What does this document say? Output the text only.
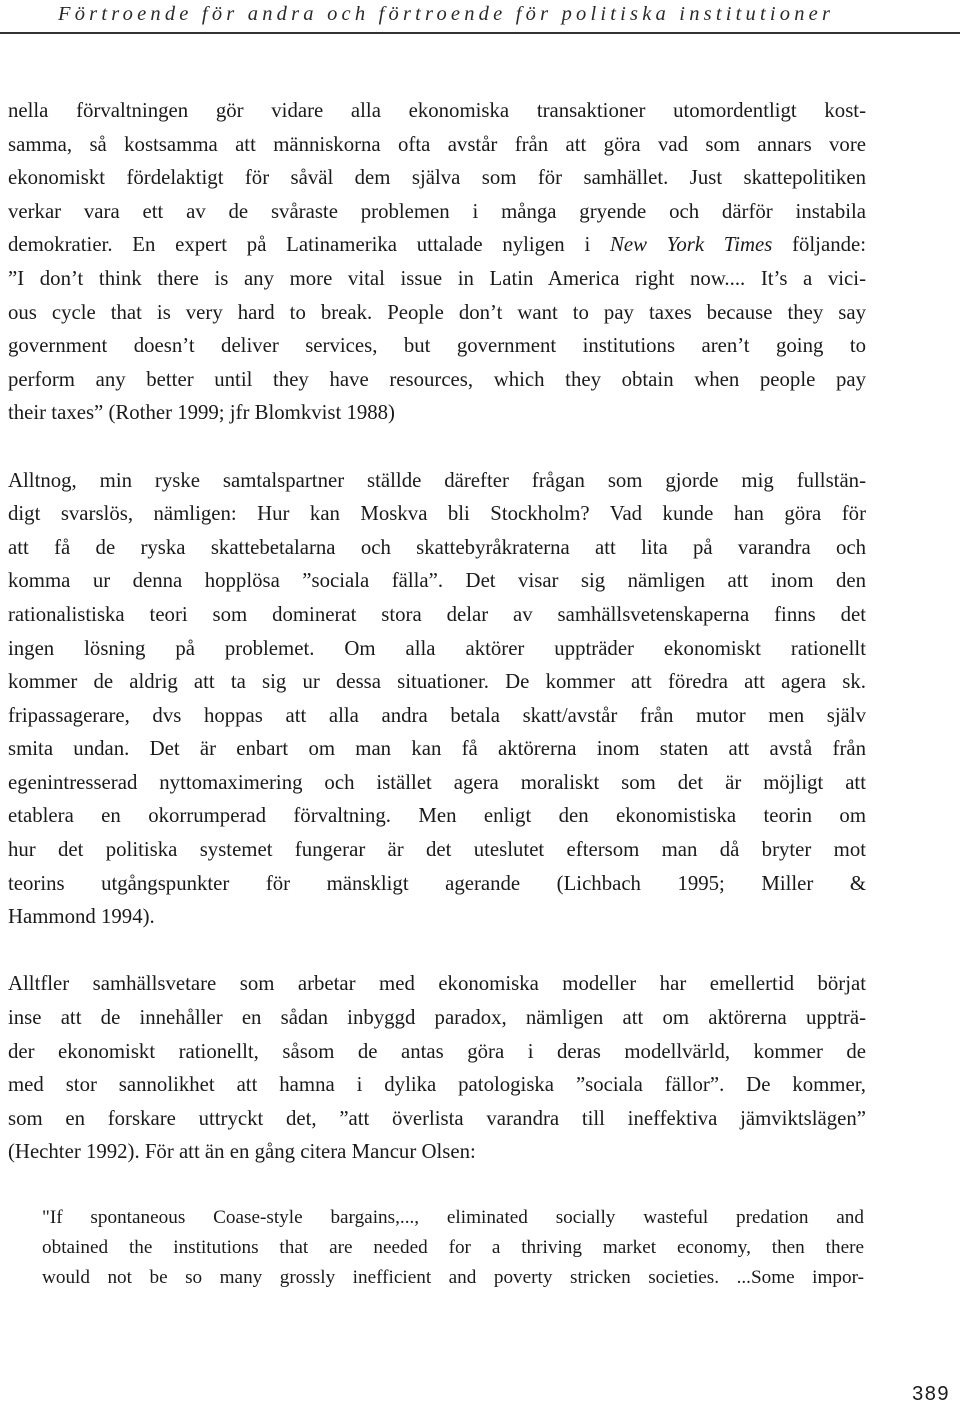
Förtroende för andra och förtroende för politiska institutioner

nella förvaltningen gör vidare alla ekonomiska transaktioner utomordentligt kost-
samma, så kostsamma att människorna ofta avstår från att göra vad som annars vore
ekonomiskt fördelaktigt för såväl dem själva som för samhället. Just skattepolitiken
verkar vara ett av de svåraste problemen i många gryende och därför instabila
demokratier. En expert på Latinamerika uttalade nyligen i New York Times följande:
”I don’t think there is any more vital issue in Latin America right now.... It’s a vici-
ous cycle that is very hard to break. People don’t want to pay taxes because they say
government doesn’t deliver services, but government institutions aren’t going to
perform any better until they have resources, which they obtain when people pay
their taxes” (Rother 1999; jfr Blomkvist 1988)

Alltnog, min ryske samtalspartner ställde därefter frågan som gjorde mig fullstän-
digt svarslös, nämligen: Hur kan Moskva bli Stockholm? Vad kunde han göra för
att få de ryska skattebetalarna och skattebyråkraterna att lita på varandra och
komma ur denna hopplösa ”sociala fälla”. Det visar sig nämligen att inom den
rationalistiska teori som dominerat stora delar av samhällsvetenskaperna finns det
ingen lösning på problemet. Om alla aktörer uppträder ekonomiskt rationellt
kommer de aldrig att ta sig ur dessa situationer. De kommer att föredra att agera sk.
fripassagerare, dvs hoppas att alla andra betala skatt/avstår från mutor men själv
smita undan. Det är enbart om man kan få aktörerna inom staten att avstå från
egenintresserad nyttomaximering och istället agera moraliskt som det är möjligt att
etablera en okorrumperad förvaltning. Men enligt den ekonomistiska teorin om
hur det politiska systemet fungerar är det uteslutet eftersom man då bryter mot
teorins utgångspunkter för mänskligt agerande (Lichbach 1995; Miller &
Hammond 1994).

Alltfler samhällsvetare som arbetar med ekonomiska modeller har emellertid börjat
inse att de innehåller en sådan inbyggd paradox, nämligen att om aktörerna uppträ-
der ekonomiskt rationellt, såsom de antas göra i deras modellvärld, kommer de
med stor sannolikhet att hamna i dylika patologiska ”sociala fällor”. De kommer,
som en forskare uttryckt det, ”att överlista varandra till ineffektiva jämviktslägen”
(Hechter 1992). För att än en gång citera Mancur Olsen:

"If spontaneous Coase-style bargains,..., eliminated socially wasteful predation and
obtained the institutions that are needed for a thriving market economy, then there
would not be so many grossly inefficient and poverty stricken societies. ...Some impor-
389
